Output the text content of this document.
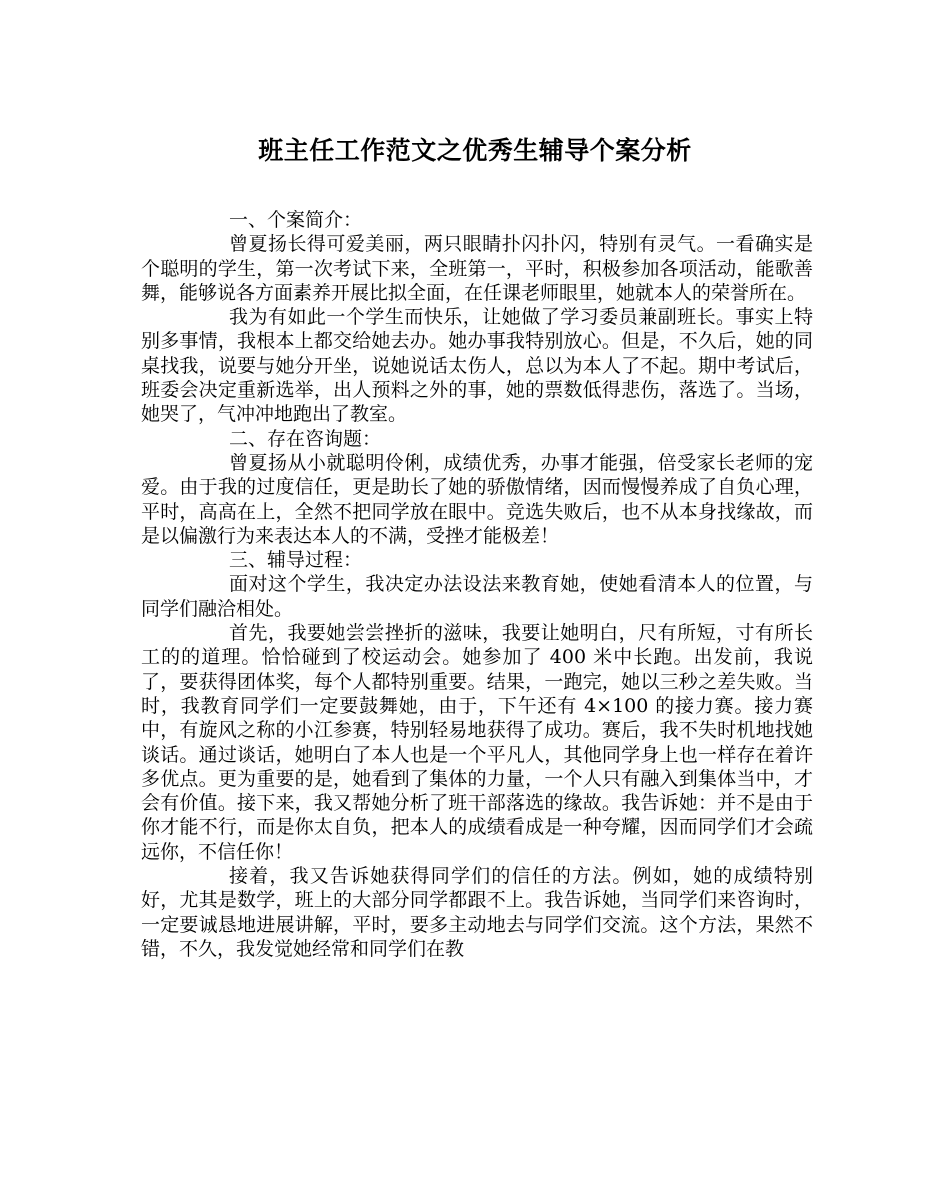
班主任工作范文之优秀生辅导个案分析

一、个案简介：

曾夏扬长得可爱美丽，两只眼睛扑闪扑闪，特别有灵气。一看确实是个聪明的学生，第一次考试下来，全班第一，平时，积极参加各项活动，能歌善舞，能够说各方面素养开展比拟全面，在任课老师眼里，她就本人的荣誉所在。

我为有如此一个学生而快乐，让她做了学习委员兼副班长。事实上特别多事情，我根本上都交给她去办。她办事我特别放心。但是，不久后，她的同桌找我，说要与她分开坐，说她说话太伤人，总以为本人了不起。期中考试后，班委会决定重新选举，出人预料之外的事，她的票数低得悲伤，落选了。当场，她哭了，气冲冲地跑出了教室。

二、存在咨询题：

曾夏扬从小就聪明伶俐，成绩优秀，办事才能强，倍受家长老师的宠爱。由于我的过度信任，更是助长了她的骄傲情绪，因而慢慢养成了自负心理，平时，高高在上，全然不把同学放在眼中。竞选失败后，也不从本身找缘故，而是以偏激行为来表达本人的不满，受挫才能极差！

三、辅导过程：

面对这个学生，我决定办法设法来教育她，使她看清本人的位置，与同学们融洽相处。

首先，我要她尝尝挫折的滋味，我要让她明白，尺有所短，寸有所长工的的道理。恰恰碰到了校运动会。她参加了 400 米中长跑。出发前，我说了，要获得团体奖，每个人都特别重要。结果，一跑完，她以三秒之差失败。当时，我教育同学们一定要鼓舞她，由于，下午还有 4×100 的接力赛。接力赛中，有旋风之称的小江参赛，特别轻易地获得了成功。赛后，我不失时机地找她谈话。通过谈话，她明白了本人也是一个平凡人，其他同学身上也一样存在着许多优点。更为重要的是，她看到了集体的力量，一个人只有融入到集体当中，才会有价值。接下来，我又帮她分析了班干部落选的缘故。我告诉她：并不是由于你才能不行，而是你太自负，把本人的成绩看成是一种夸耀，因而同学们才会疏远你，不信任你！

接着，我又告诉她获得同学们的信任的方法。例如，她的成绩特别好，尤其是数学，班上的大部分同学都跟不上。我告诉她，当同学们来咨询时，一定要诚恳地进展讲解，平时，要多主动地去与同学们交流。这个方法，果然不错，不久，我发觉她经常和同学们在教
